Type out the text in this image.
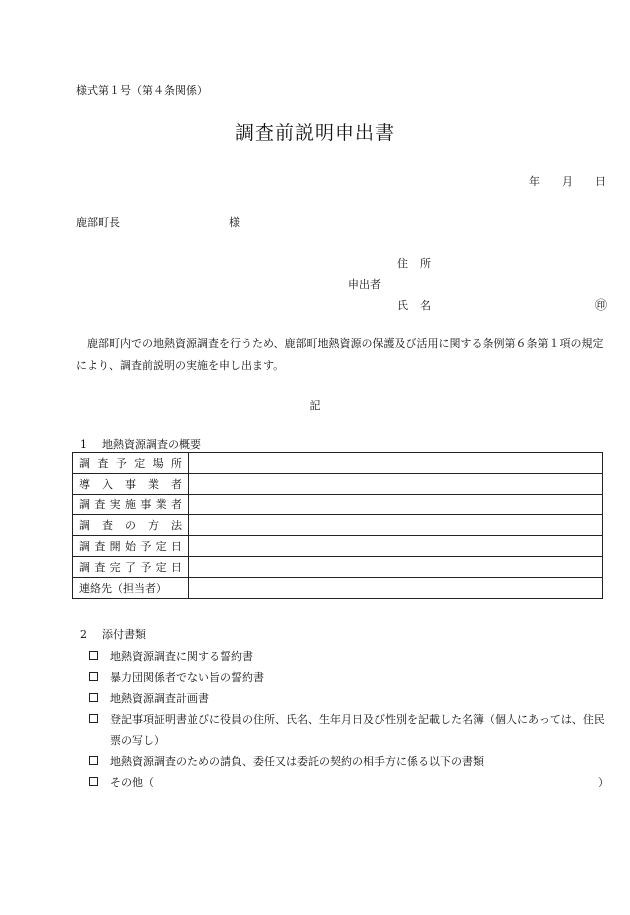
様式第１号（第４条関係）
調査前説明申出書
年 月 日
鹿部町長	様
住 所
申出者
氏 名	㊞
鹿部町内での地熱資源調査を行うため、鹿部町地熱資源の保護及び活用に関する条例第６条第１項の規定により、調査前説明の実施を申し出ます。
記
1 地熱資源調査の概要
調査予定場所	
導入事業者	
調査実施事業者	
調査の方法	
調査開始予定日	
調査完了予定日	
連絡先（担当者）	
2 添付書類
地熱資源調査に関する誓約書
暴力団関係者でない旨の誓約書
地熱資源調査計画書
登記事項証明書並びに役員の住所、氏名、生年月日及び性別を記載した名簿（個人にあっては、住民票の写し）
地熱資源調査のための請負、委任又は委託の契約の相手方に係る以下の書類
その他（	）
